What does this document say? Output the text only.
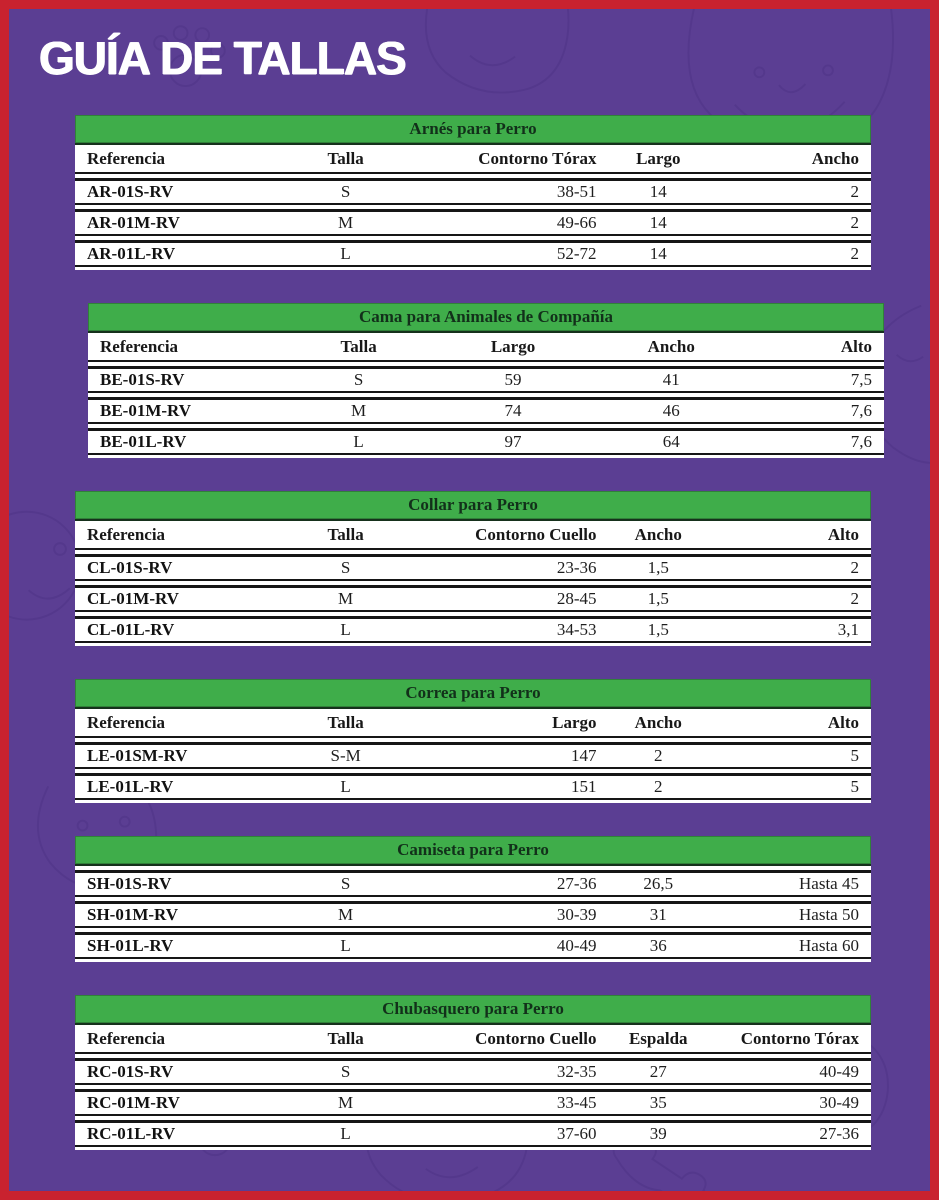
GUÍA DE TALLAS
Arnés para Perro
Referencia	Talla	Contorno Tórax	Largo	Ancho
AR-01S-RV	S	38-51	14	2
AR-01M-RV	M	49-66	14	2
AR-01L-RV	L	52-72	14	2
Cama para Animales de Compañía
Referencia	Talla	Largo	Ancho	Alto
BE-01S-RV	S	59	41	7,5
BE-01M-RV	M	74	46	7,6
BE-01L-RV	L	97	64	7,6
Collar para Perro
Referencia	Talla	Contorno Cuello	Ancho	Alto
CL-01S-RV	S	23-36	1,5	2
CL-01M-RV	M	28-45	1,5	2
CL-01L-RV	L	34-53	1,5	3,1
Correa para Perro
Referencia	Talla	Largo	Ancho	Alto
LE-01SM-RV	S-M	147	2	5
LE-01L-RV	L	151	2	5
Camiseta para Perro
SH-01S-RV	S	27-36	26,5	Hasta 45
SH-01M-RV	M	30-39	31	Hasta 50
SH-01L-RV	L	40-49	36	Hasta 60
Chubasquero para Perro
Referencia	Talla	Contorno Cuello	Espalda	Contorno Tórax
RC-01S-RV	S	32-35	27	40-49
RC-01M-RV	M	33-45	35	30-49
RC-01L-RV	L	37-60	39	27-36
